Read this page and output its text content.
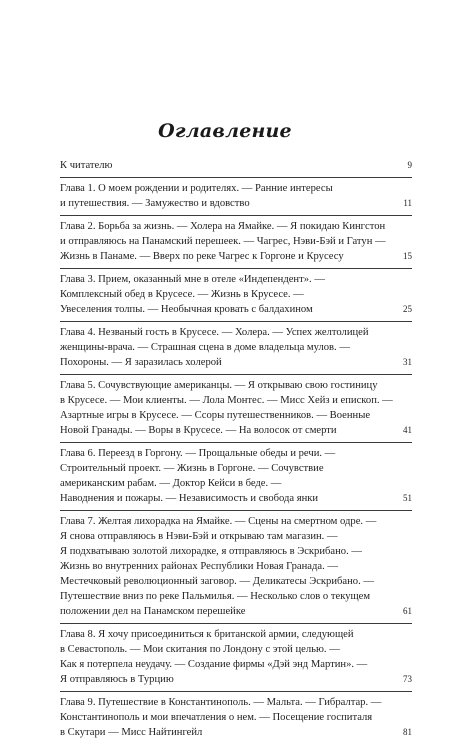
Оглавление
К читателю	9
Глава 1. О моем рождении и родителях. — Ранние интересы
и путешествия. — Замужество и вдовство	11
Глава 2. Борьба за жизнь. — Холера на Ямайке. — Я покидаю Кингстон
и отправляюсь на Панамский перешеек. — Чагрес, Нэви-Бэй и Гатун —
Жизнь в Панаме. — Вверх по реке Чагрес к Горгоне и Крусесу	15
Глава 3. Прием, оказанный мне в отеле «Индепендент». —
Комплексный обед в Крусесе. — Жизнь в Крусесе. —
Увеселения толпы. — Необычная кровать с балдахином	25
Глава 4. Незваный гость в Крусесе. — Холера. — Успех желтолицей
женщины-врача. — Страшная сцена в доме владельца мулов. —
Похороны. — Я заразилась холерой	31
Глава 5. Сочувствующие американцы. — Я открываю свою гостиницу
в Крусесе. — Мои клиенты. — Лола Монтес. — Мисс Хейз и епископ. —
Азартные игры в Крусесе. — Ссоры путешественников. — Военные
Новой Гранады. — Воры в Крусесе. — На волосок от смерти	41
Глава 6. Переезд в Горгону. — Прощальные обеды и речи. —
Строительный проект. — Жизнь в Горгоне. — Сочувствие
американским рабам. — Доктор Кейси в беде. —
Наводнения и пожары. — Независимость и свобода янки	51
Глава 7. Желтая лихорадка на Ямайке. — Сцены на смертном одре. —
Я снова отправляюсь в Нэви-Бэй и открываю там магазин. —
Я подхватываю золотой лихорадке, я отправляюсь в Эскрибано. —
Жизнь во внутренних районах Республики Новая Гранада. —
Местечковый революционный заговор. — Деликатесы Эскрибано. —
Путешествие вниз по реке Пальмилья. — Несколько слов о текущем
положении дел на Панамском перешейке	61
Глава 8. Я хочу присоединиться к британской армии, следующей
в Севастополь. — Мои скитания по Лондону с этой целью. —
Как я потерпела неудачу. — Создание фирмы «Дэй энд Мартин». —
Я отправляюсь в Турцию	73
Глава 9. Путешествие в Константинополь. — Мальта. — Гибралтар. —
Константинополь и мои впечатления о нем. — Посещение госпиталя
в Скутари — Мисс Найтингейл	81
